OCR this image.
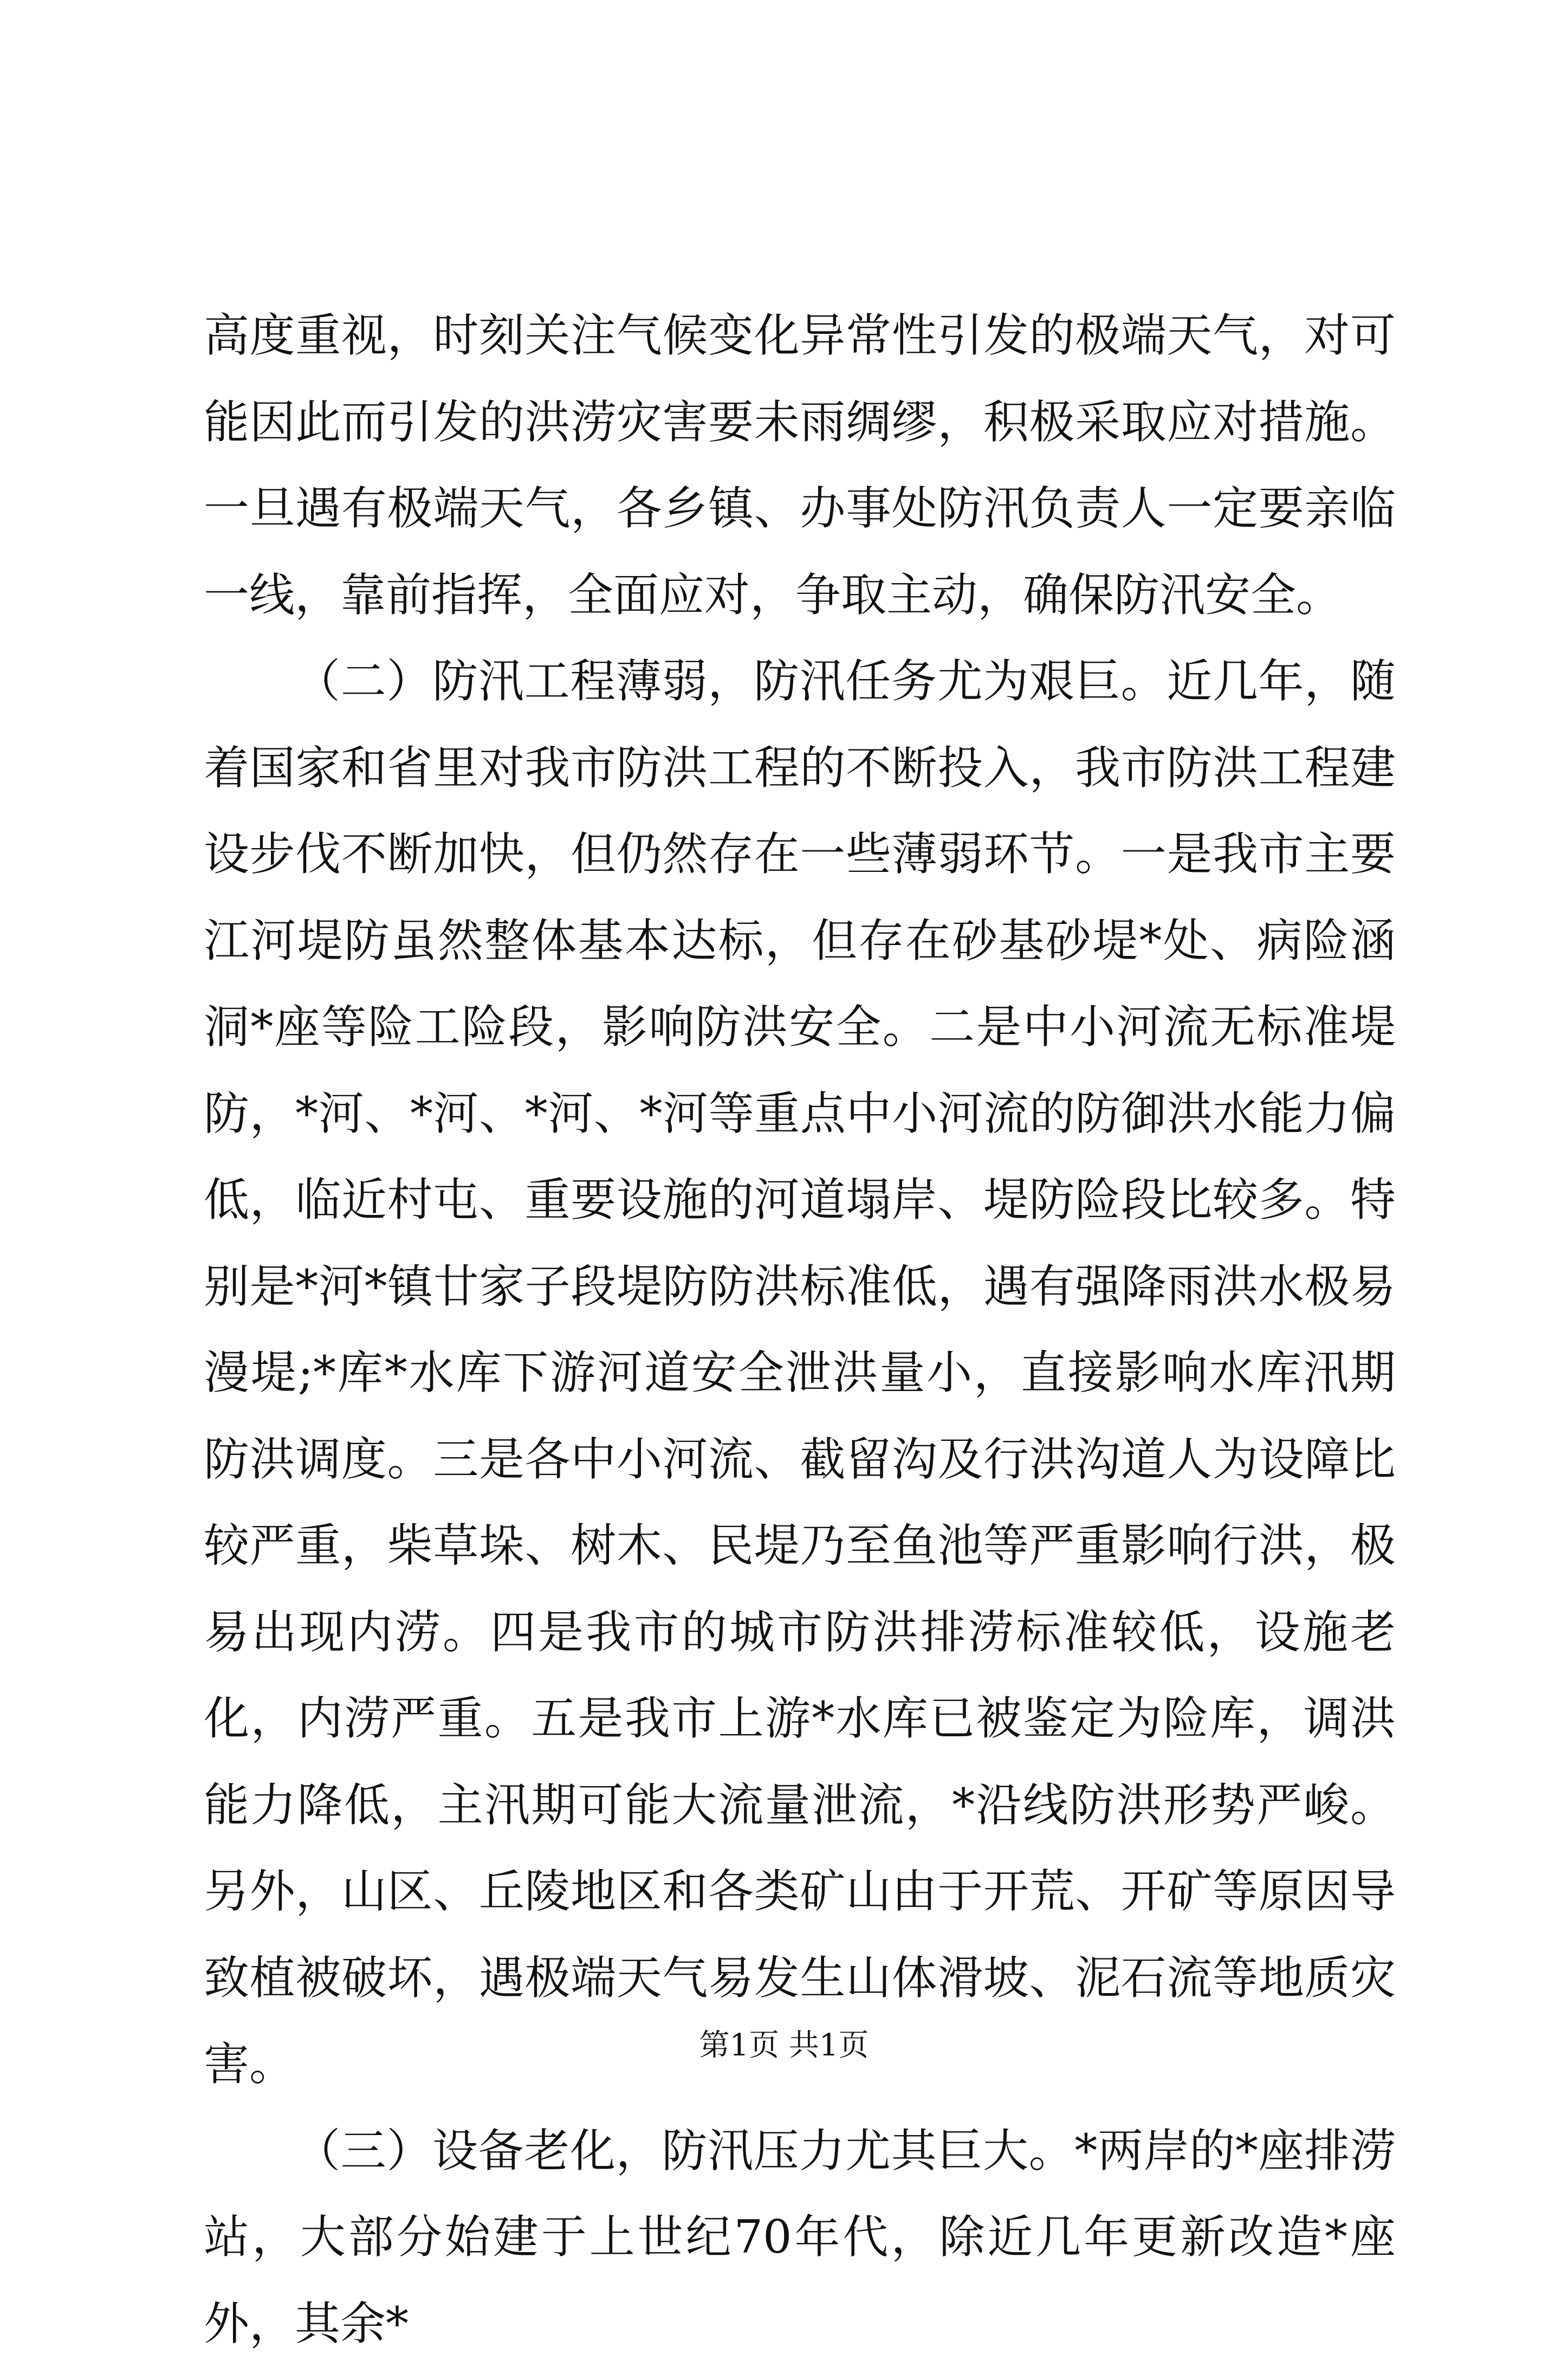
高度重视，时刻关注气候变化异常性引发的极端天气，对可能因此而引发的洪涝灾害要未雨绸缪，积极采取应对措施。一旦遇有极端天气，各乡镇、办事处防汛负责人一定要亲临一线，靠前指挥，全面应对，争取主动，确保防汛安全。

（二）防汛工程薄弱，防汛任务尤为艰巨。近几年，随着国家和省里对我市防洪工程的不断投入，我市防洪工程建设步伐不断加快，但仍然存在一些薄弱环节。一是我市主要江河堤防虽然整体基本达标，但存在砂基砂堤*处、病险涵洞*座等险工险段，影响防洪安全。二是中小河流无标准堤防，*河、*河、*河、*河等重点中小河流的防御洪水能力偏低，临近村屯、重要设施的河道塌岸、堤防险段比较多。特别是*河*镇廿家子段堤防防洪标准低，遇有强降雨洪水极易漫堤;*库*水库下游河道安全泄洪量小，直接影响水库汛期防洪调度。三是各中小河流、截留沟及行洪沟道人为设障比较严重，柴草垛、树木、民堤乃至鱼池等严重影响行洪，极易出现内涝。四是我市的城市防洪排涝标准较低，设施老化，内涝严重。五是我市上游*水库已被鉴定为险库，调洪能力降低，主汛期可能大流量泄流，*沿线防洪形势严峻。另外，山区、丘陵地区和各类矿山由于开荒、开矿等原因导致植被破坏，遇极端天气易发生山体滑坡、泥石流等地质灾害。

（三）设备老化，防汛压力尤其巨大。*两岸的*座排涝站，大部分始建于上世纪70年代，除近几年更新改造*座外，其余*

第1页 共1页
